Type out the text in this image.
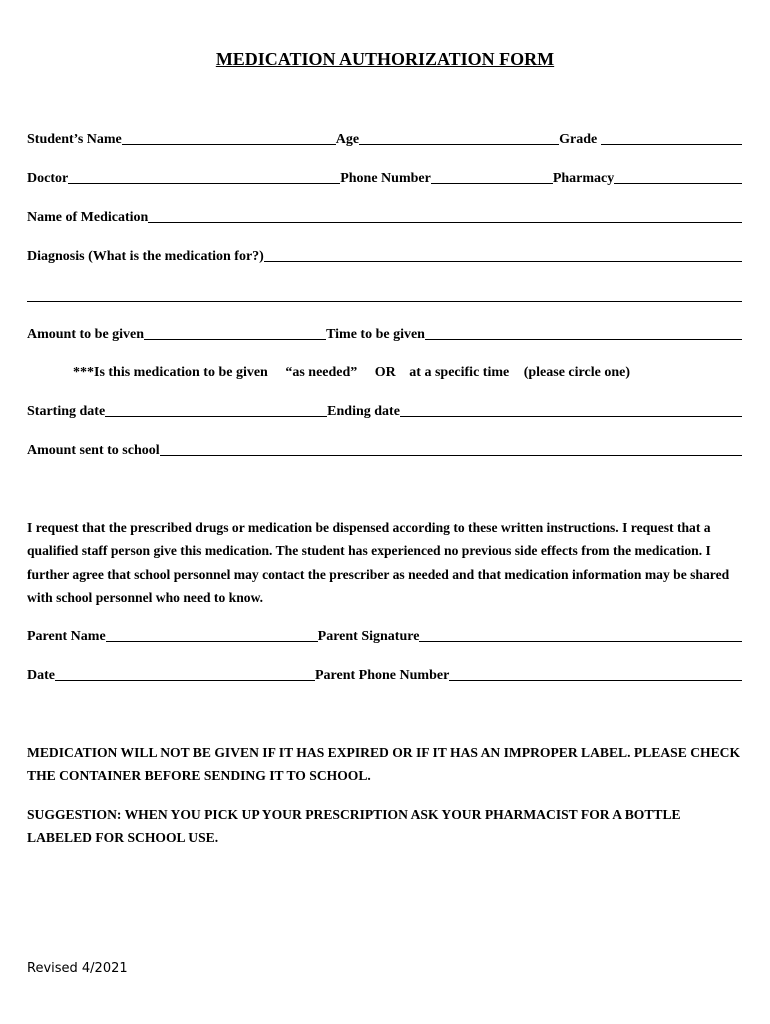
MEDICATION AUTHORIZATION FORM
Student’s Name	Age	Grade
Doctor	Phone Number	Pharmacy
Name of Medication
Diagnosis (What is the medication for?)
Amount to be given	Time to be given
***Is this medication to be given “as needed” OR at a specific time (please circle one)
Starting date	Ending date
Amount sent to school
I request that the prescribed drugs or medication be dispensed according to these written instructions. I request that a qualified staff person give this medication. The student has experienced no previous side effects from the medication. I further agree that school personnel may contact the prescriber as needed and that medication information may be shared with school personnel who need to know.
Parent Name	Parent Signature
Date	Parent Phone Number
MEDICATION WILL NOT BE GIVEN IF IT HAS EXPIRED OR IF IT HAS AN IMPROPER LABEL. PLEASE CHECK THE CONTAINER BEFORE SENDING IT TO SCHOOL.
SUGGESTION: WHEN YOU PICK UP YOUR PRESCRIPTION ASK YOUR PHARMACIST FOR A BOTTLE LABELED FOR SCHOOL USE.
Revised 4/2021
